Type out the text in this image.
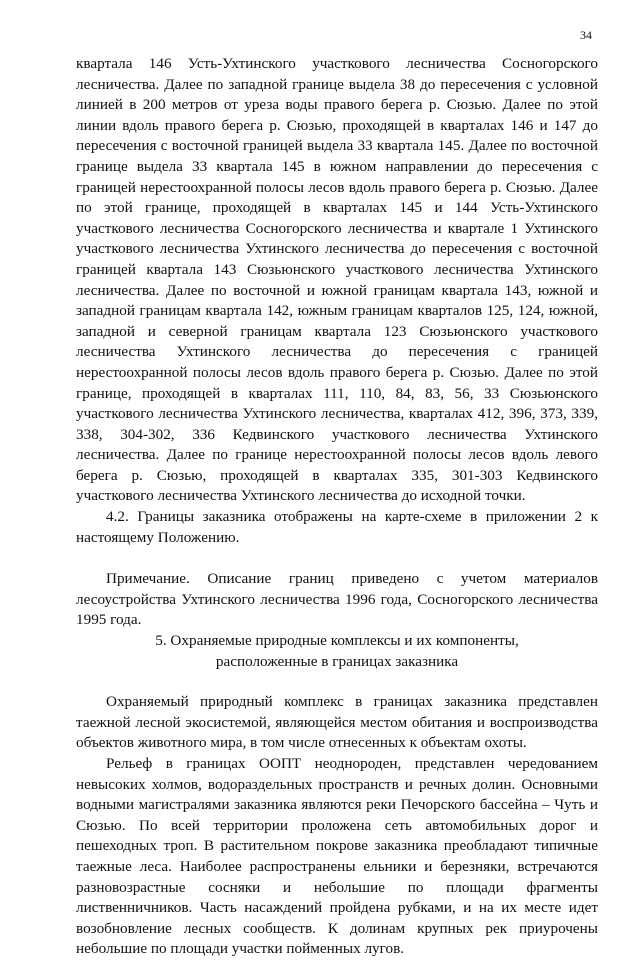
34

квартала 146 Усть-Ухтинского участкового лесничества Сосногорского лесничества. Далее по западной границе выдела 38 до пересечения с условной линией в 200 метров от уреза воды правого берега р. Сюзью. Далее по этой линии вдоль правого берега р. Сюзью, проходящей в кварталах 146 и 147 до пересечения с восточной границей выдела 33 квартала 145. Далее по восточной границе выдела 33 квартала 145 в южном направлении до пересечения с границей нерестоохранной полосы лесов вдоль правого берега р. Сюзью. Далее по этой границе, проходящей в кварталах 145 и 144 Усть-Ухтинского участкового лесничества Сосногорского лесничества и квартале 1 Ухтинского участкового лесничества Ухтинского лесничества до пересечения с восточной границей квартала 143 Сюзьюнского участкового лесничества Ухтинского лесничества. Далее по восточной и южной границам квартала 143, южной и западной границам квартала 142, южным границам кварталов 125, 124, южной, западной и северной границам квартала 123 Сюзьюнского участкового лесничества Ухтинского лесничества до пересечения с границей нерестоохранной полосы лесов вдоль правого берега р. Сюзью. Далее по этой границе, проходящей в кварталах 111, 110, 84, 83, 56, 33 Сюзьюнского участкового лесничества Ухтинского лесничества, кварталах 412, 396, 373, 339, 338, 304-302, 336 Кедвинского участкового лесничества Ухтинского лесничества. Далее по границе нерестоохранной полосы лесов вдоль левого берега р. Сюзью, проходящей в кварталах 335, 301-303 Кедвинского участкового лесничества Ухтинского лесничества до исходной точки.

4.2. Границы заказника отображены на карте-схеме в приложении 2 к настоящему Положению.

Примечание. Описание границ приведено с учетом материалов лесоустройства Ухтинского лесничества 1996 года, Сосногорского лесничества 1995 года.

5. Охраняемые природные комплексы и их компоненты,

расположенные в границах заказника

Охраняемый природный комплекс в границах заказника представлен таежной лесной экосистемой, являющейся местом обитания и воспроизводства объектов животного мира, в том числе отнесенных к объектам охоты.

Рельеф в границах ООПТ неоднороден, представлен чередованием невысоких холмов, водораздельных пространств и речных долин. Основными водными магистралями заказника являются реки Печорского бассейна – Чуть и Сюзью. По всей территории проложена сеть автомобильных дорог и пешеходных троп. В растительном покрове заказника преобладают типичные таежные леса. Наиболее распространены ельники и березняки, встречаются разновозрастные сосняки и небольшие по площади фрагменты лиственничников. Часть насаждений пройдена рубками, и на их месте идет возобновление лесных сообществ. К долинам крупных рек приурочены небольшие по площади участки пойменных лугов.
